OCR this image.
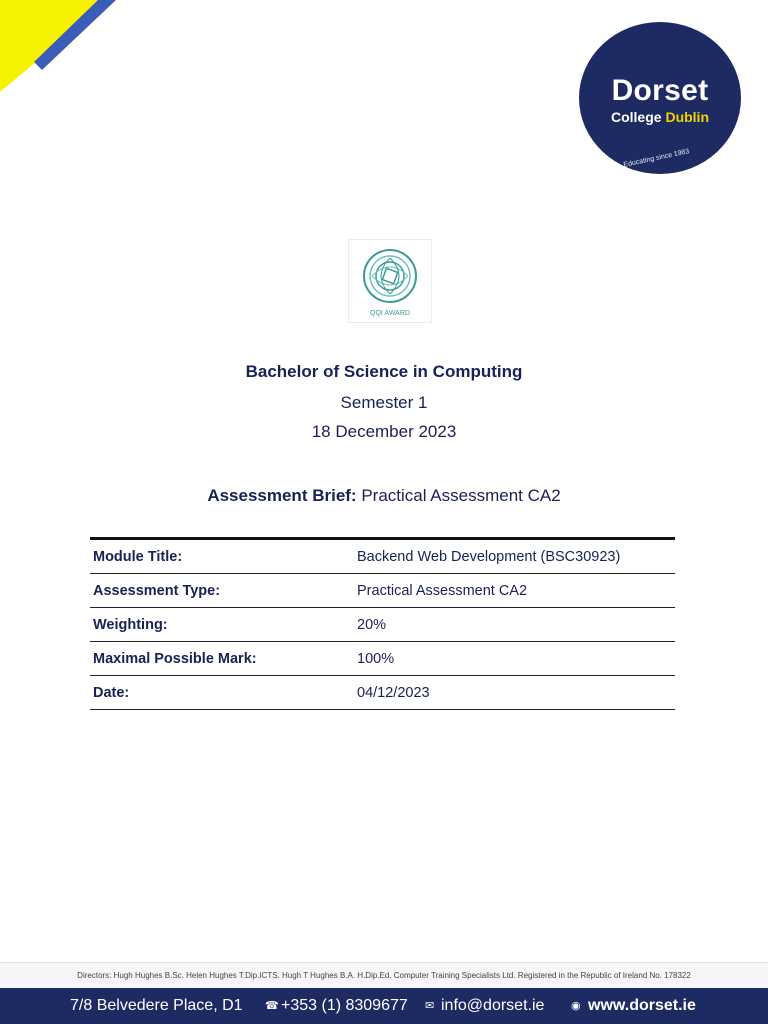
Dorset
College Dublin
Educating since 1983
QQI AWARD
Bachelor of Science in Computing
Semester 1
18 December 2023
Assessment Brief: Practical Assessment CA2
Module Title:	Backend Web Development (BSC30923)
Assessment Type:	Practical Assessment CA2
Weighting:	20%
Maximal Possible Mark:	100%
Date:	04/12/2023
Directors: Hugh Hughes B.Sc. Helen Hughes T.Dip.ICTS. Hugh T Hughes B.A. H.Dip.Ed. Computer Training Specialists Ltd. Registered in the Republic of Ireland No. 178322
7/8 Belvedere Place, D1 ☎ +353 (1) 8309677 ✉ info@dorset.ie ◉ www.dorset.ie
